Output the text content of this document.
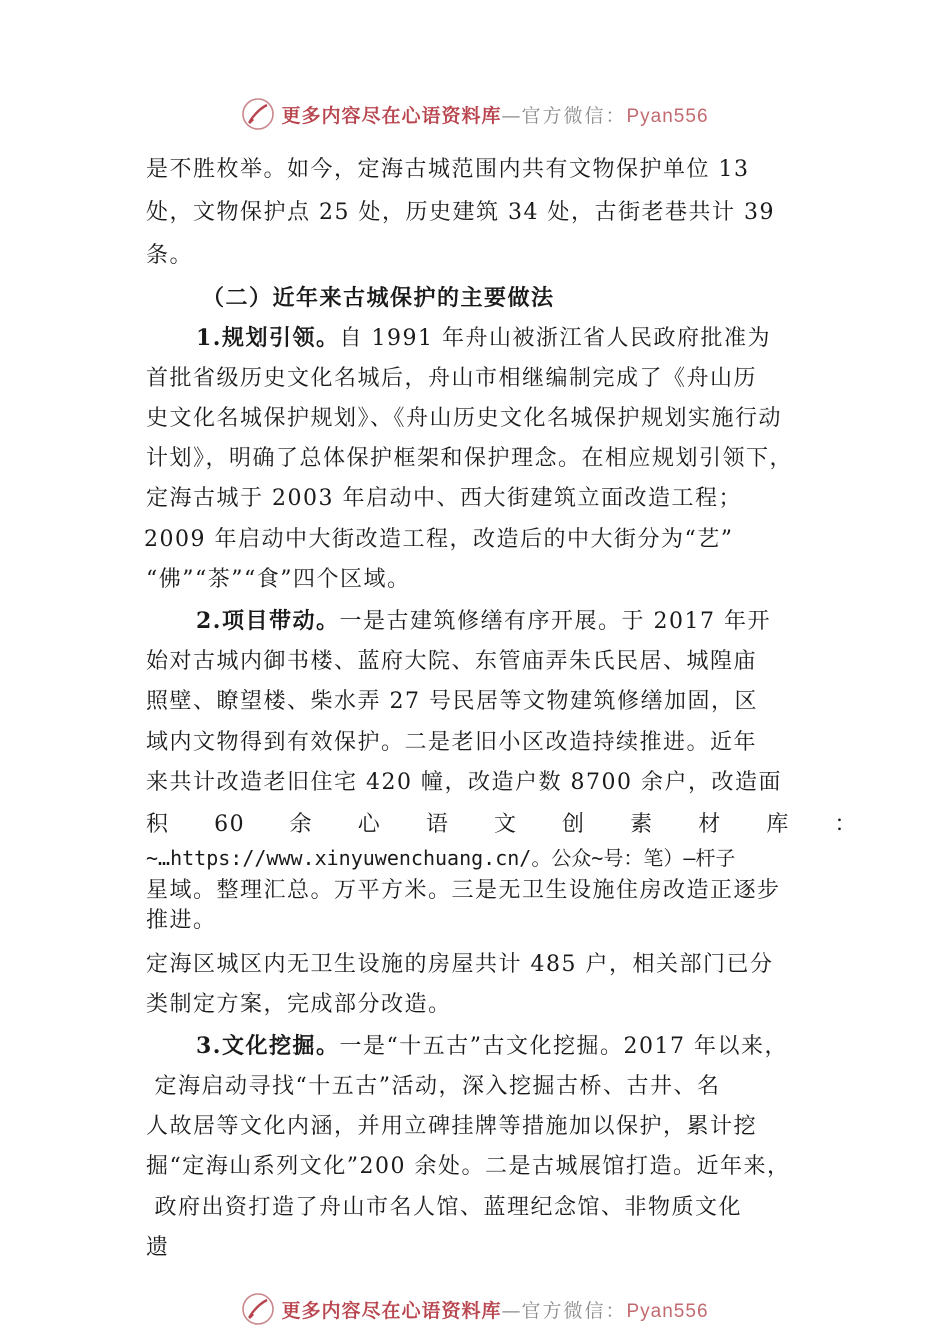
更多内容尽在心语资料库—官方微信：Pyan556
是不胜枚举。如今，定海古城范围内共有文物保护单位 13
处，文物保护点 25 处，历史建筑 34 处，古街老巷共计 39
条。
（二）近年来古城保护的主要做法
1.规划引领。自 1991 年舟山被浙江省人民政府批准为
首批省级历史文化名城后，舟山市相继编制完成了《舟山历
史文化名城保护规划》、《舟山历史文化名城保护规划实施行动
计划》，明确了总体保护框架和保护理念。在相应规划引领下，
定海古城于 2003 年启动中、西大街建筑立面改造工程；
2009 年启动中大街改造工程，改造后的中大街分为“艺”
“佛”“茶”“食”四个区域。
2.项目带动。一是古建筑修缮有序开展。于 2017 年开
始对古城内御书楼、蓝府大院、东管庙弄朱氏民居、城隍庙
照壁、瞭望楼、柴水弄 27 号民居等文物建筑修缮加固，区
域内文物得到有效保护。二是老旧小区改造持续推进。近年
来共计改造老旧住宅 420 幢，改造户数 8700 余户，改造面
积 60 余 心 语 文 创 素 材 库 ：
~…https://www.xinyuwenchuang.cn/。公众~号：笔）—杆子
星域。整理汇总。万平方米。三是无卫生设施住房改造正逐步
推进。
定海区城区内无卫生设施的房屋共计 485 户，相关部门已分
类制定方案，完成部分改造。
3.文化挖掘。一是“十五古”古文化挖掘。2017 年以来，
定海启动寻找“十五古”活动，深入挖掘古桥、古井、名
人故居等文化内涵，并用立碑挂牌等措施加以保护，累计挖
掘“定海山系列文化”200 余处。二是古城展馆打造。近年来，
政府出资打造了舟山市名人馆、蓝理纪念馆、非物质文化
遗
更多内容尽在心语资料库—官方微信：Pyan556
